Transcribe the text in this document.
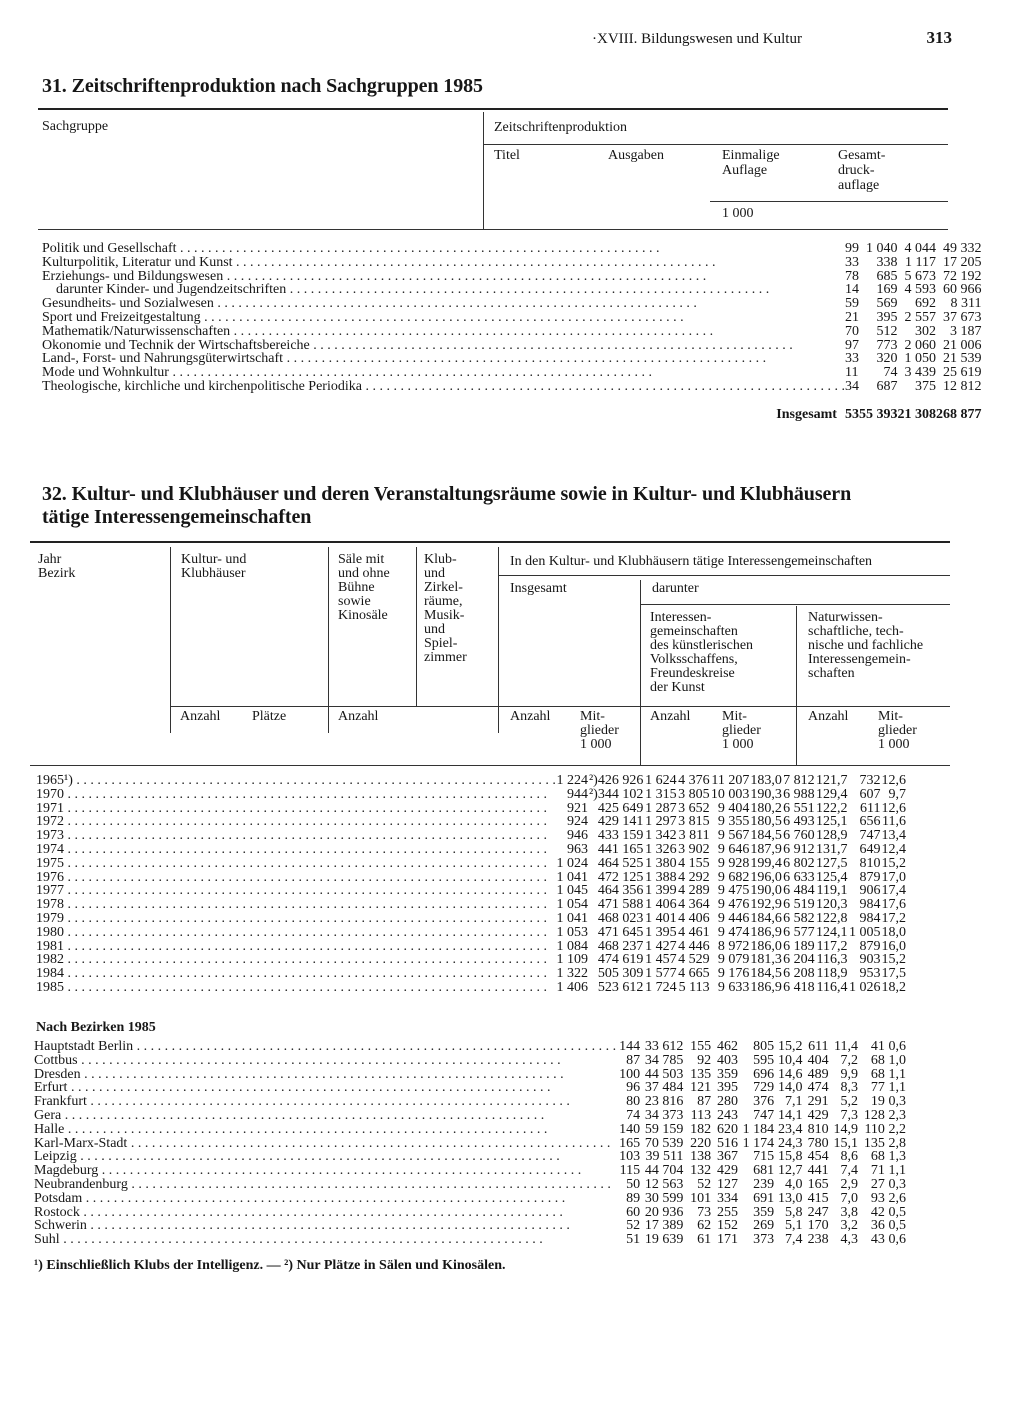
·XVIII. Bildungswesen und Kultur	313
31. Zeitschriftenproduktion nach Sachgruppen 1985
Sachgruppe	Zeitschriftenproduktion
Titel	Ausgaben	Einmalige
Auflage
Gesamt-
druck-
auflage
1 000
Politik und Gesellschaft . . .	99	1 040	4 044	49 332
Kulturpolitik, Literatur und Kunst . . .	33	338	1 117	17 205
Erziehungs- und Bildungswesen . . .	78	685	5 673	72 192
darunter Kinder- und Jugendzeitschriften . . .	14	169	4 593	60 966
Gesundheits- und Sozialwesen . . .	59	569	692	8 311
Sport und Freizeitgestaltung . . .	21	395	2 557	37 673
Mathematik/Naturwissenschaften . . .	70	512	302	3 187
Ökonomie und Technik der Wirtschaftsbereiche . . .	97	773	2 060	21 006
Land-, Forst- und Nahrungsgüterwirtschaft . . .	33	320	1 050	21 539
Mode und Wohnkultur . . .	11	74	3 439	25 619
Theologische, kirchliche und kirchenpolitische Periodika . . .	34	687	375	12 812

Insgesamt	535	5 393	21 308	268 877
32. Kultur- und Klubhäuser und deren Veranstaltungsräume sowie in Kultur- und Klubhäusern
tätige Interessengemeinschaften
Jahr
Bezirk
Kultur- und
Klubhäuser
Säle mit
und ohne
Bühne
sowie
Kinosäle
Klub-
und
Zirkel-
räume,
Musik-
und
Spiel-
zimmer
In den Kultur- und Klubhäusern tätige Interessengemeinschaften
Insgesamt	darunter
Interessen-
gemeinschaften
des künstlerischen
Volksschaffens,
Freundeskreise
der Kunst
Naturwissen-
schaftliche, tech-
nische und fachliche
Interessengemein-
schaften
Anzahl Plätze	Anzahl	Anzahl Mit-
glieder
1 000
Anzahl Mit-
glieder
1 000
Anzahl Mit-
glieder
1 000
1965¹) . . .	1 224	²)426 926	1 624	4 376	11 207	183,0	7 812	121,7	732	12,6
1970 . . .	944	²)344 102	1 315	3 805	10 003	190,3	6 988	129,4	607	9,7
1971 . . .	921	425 649	1 287	3 652	9 404	180,2	6 551	122,2	611	12,6
1972 . . .	924	429 141	1 297	3 815	9 355	180,5	6 493	125,1	656	11,6
1973 . . .	946	433 159	1 342	3 811	9 567	184,5	6 760	128,9	747	13,4
1974 . . .	963	441 165	1 326	3 902	9 646	187,9	6 912	131,7	649	12,4
1975 . . .	1 024	464 525	1 380	4 155	9 928	199,4	6 802	127,5	810	15,2
1976 . . .	1 041	472 125	1 388	4 292	9 682	196,0	6 633	125,4	879	17,0
1977 . . .	1 045	464 356	1 399	4 289	9 475	190,0	6 484	119,1	906	17,4
1978 . . .	1 054	471 588	1 406	4 364	9 476	192,9	6 519	120,3	984	17,6
1979 . . .	1 041	468 023	1 401	4 406	9 446	184,6	6 582	122,8	984	17,2
1980 . . .	1 053	471 645	1 395	4 461	9 474	186,9	6 577	124,1	1 005	18,0
1981 . . .	1 084	468 237	1 427	4 446	8 972	186,0	6 189	117,2	879	16,0
1982 . . .	1 109	474 619	1 457	4 529	9 079	181,3	6 204	116,3	903	15,2
1984 . . .	1 322	505 309	1 577	4 665	9 176	184,5	6 208	118,9	953	17,5
1985 . . .	1 406	523 612	1 724	5 113	9 633	186,9	6 418	116,4	1 026	18,2
Nach Bezirken 1985
Hauptstadt Berlin . . .	144	33 612	155	462	805	15,2	611	11,4	41	0,6
Cottbus . . .	87	34 785	92	403	595	10,4	404	7,2	68	1,0
Dresden . . .	100	44 503	135	359	696	14,6	489	9,9	68	1,1
Erfurt . . .	96	37 484	121	395	729	14,0	474	8,3	77	1,1
Frankfurt . . .	80	23 816	87	280	376	7,1	291	5,2	19	0,3
Gera . . .	74	34 373	113	243	747	14,1	429	7,3	128	2,3
Halle . . .	140	59 159	182	620	1 184	23,4	810	14,9	110	2,2
Karl-Marx-Stadt . . .	165	70 539	220	516	1 174	24,3	780	15,1	135	2,8
Leipzig . . .	103	39 511	138	367	715	15,8	454	8,6	68	1,3
Magdeburg . . .	115	44 704	132	429	681	12,7	441	7,4	71	1,1
Neubrandenburg . . .	50	12 563	52	127	239	4,0	165	2,9	27	0,3
Potsdam . . .	89	30 599	101	334	691	13,0	415	7,0	93	2,6
Rostock . . .	60	20 936	73	255	359	5,8	247	3,8	42	0,5
Schwerin . . .	52	17 389	62	152	269	5,1	170	3,2	36	0,5
Suhl . . .	51	19 639	61	171	373	7,4	238	4,3	43	0,6
¹) Einschließlich Klubs der Intelligenz. — ²) Nur Plätze in Sälen und Kinosälen.
